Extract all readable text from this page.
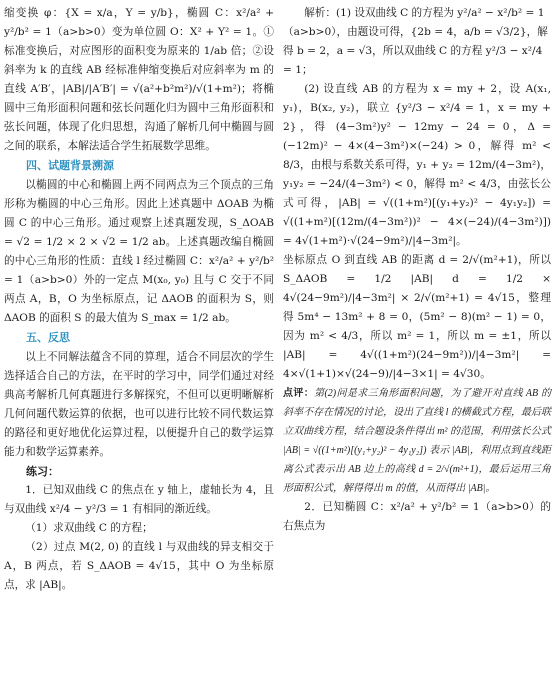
缩变换 φ：{X = x/a，Y = y/b}，椭圆 C：x²/a² + y²/b² = 1（a>b>0）变为单位圆 O：X² + Y² = 1。①标准变换后，对应图形的面积变为原来的 1/ab 倍；②设斜率为 k 的直线 AB 经标准伸缩变换后对应斜率为 m 的直线 A′B′，|AB|/|A′B′| = √(a²+b²m²)/√(1+m²)；将椭圆中三角形面积问题和弦长问题化归为圆中三角形面积和弦长问题，体现了化归思想，沟通了解析几何中椭圆与圆之间的联系，本解法适合学生拓展数学思维。

四、试题背景溯源

以椭圆的中心和椭圆上两不同两点为三个顶点的三角形称为椭圆的中心三角形。因此上述真题中 ΔOAB 为椭圆 C 的中心三角形。通过观察上述真题发现，S_ΔOAB = √2 = 1/2 × 2 × √2 = 1/2 ab。上述真题改编自椭圆的中心三角形的性质：直线 l 经过椭圆 C：x²/a² + y²/b² = 1（a>b>0）外的一定点 M(x₀, y₀) 且与 C 交于不同两点 A，B，O 为坐标原点，记 ΔAOB 的面积为 S，则 ΔAOB 的面积 S 的最大值为 S_max = 1/2 ab。

五、反思

以上不同解法蕴含不同的算理，适合不同层次的学生选择适合自己的方法，在平时的学习中，同学们通过对经典高考解析几何真题进行多解探究，不但可以更明晰解析几何问题代数运算的依据，也可以进行比较不同代数运算的路径和更好地优化运算过程，以便提升自己的数学运算能力和数学运算素养。

练习：

1．已知双曲线 C 的焦点在 y 轴上，虚轴长为 4，且与双曲线 x²/4 − y²/3 = 1 有相同的渐近线。

（1）求双曲线 C 的方程；

（2）过点 M(2, 0) 的直线 l 与双曲线的异支相交于 A，B 两点，若 S_ΔAOB = 4√15，其中 O 为坐标原点，求 |AB|。

解析：(1) 设双曲线 C 的方程为 y²/a² − x²/b² = 1（a>b>0），由题设可得，{2b = 4，a/b = √3/2}，解得 b = 2，a = √3，所以双曲线 C 的方程 y²/3 − x²/4 = 1；

(2) 设直线 AB 的方程为 x = my + 2，设 A(x₁, y₁)，B(x₂, y₂)，联立 {y²/3 − x²/4 = 1，x = my + 2}，得 (4−3m²)y² − 12my − 24 = 0，Δ = (−12m)² − 4×(4−3m²)×(−24) > 0，解得 m² < 8/3，由根与系数关系可得，y₁ + y₂ = 12m/(4−3m²)，y₁y₂ = −24/(4−3m²) < 0，解得 m² < 4/3，由弦长公式可得，|AB| = √((1+m²)[(y₁+y₂)² − 4y₁y₂]) = √((1+m²)[(12m/(4−3m²))² − 4×(−24)/(4−3m²)]) = 4√(1+m²)·√(24−9m²)/|4−3m²|。

坐标原点 O 到直线 AB 的距离 d = 2/√(m²+1)，所以 S_ΔAOB = 1/2 |AB| d = 1/2 × 4√(24−9m²)/|4−3m²| × 2/√(m²+1) = 4√15，整理得 5m⁴ − 13m² + 8 = 0，(5m² − 8)(m² − 1) = 0，因为 m² < 4/3，所以 m² = 1，所以 m = ±1，所以 |AB| = 4√((1+m²)(24−9m²))/|4−3m²| = 4×√(1+1)×√(24−9)/|4−3×1| = 4√30。

点评：第(2)问是求三角形面积问题，为了避开对直线 AB 的斜率不存在情况的讨论，设出了直线 l 的横截式方程，最后联立双曲线方程，结合题设条件得出 m² 的范围，利用弦长公式 |AB| = √((1+m²)[(y₁+y₂)² − 4y₁y₂]) 表示 |AB|，利用点到直线距离公式表示出 AB 边上的高线 d = 2/√(m²+1)，最后运用三角形面积公式，解得得出 m 的值，从而得出 |AB|。

2．已知椭圆 C：x²/a² + y²/b² = 1（a>b>0）的右焦点为
